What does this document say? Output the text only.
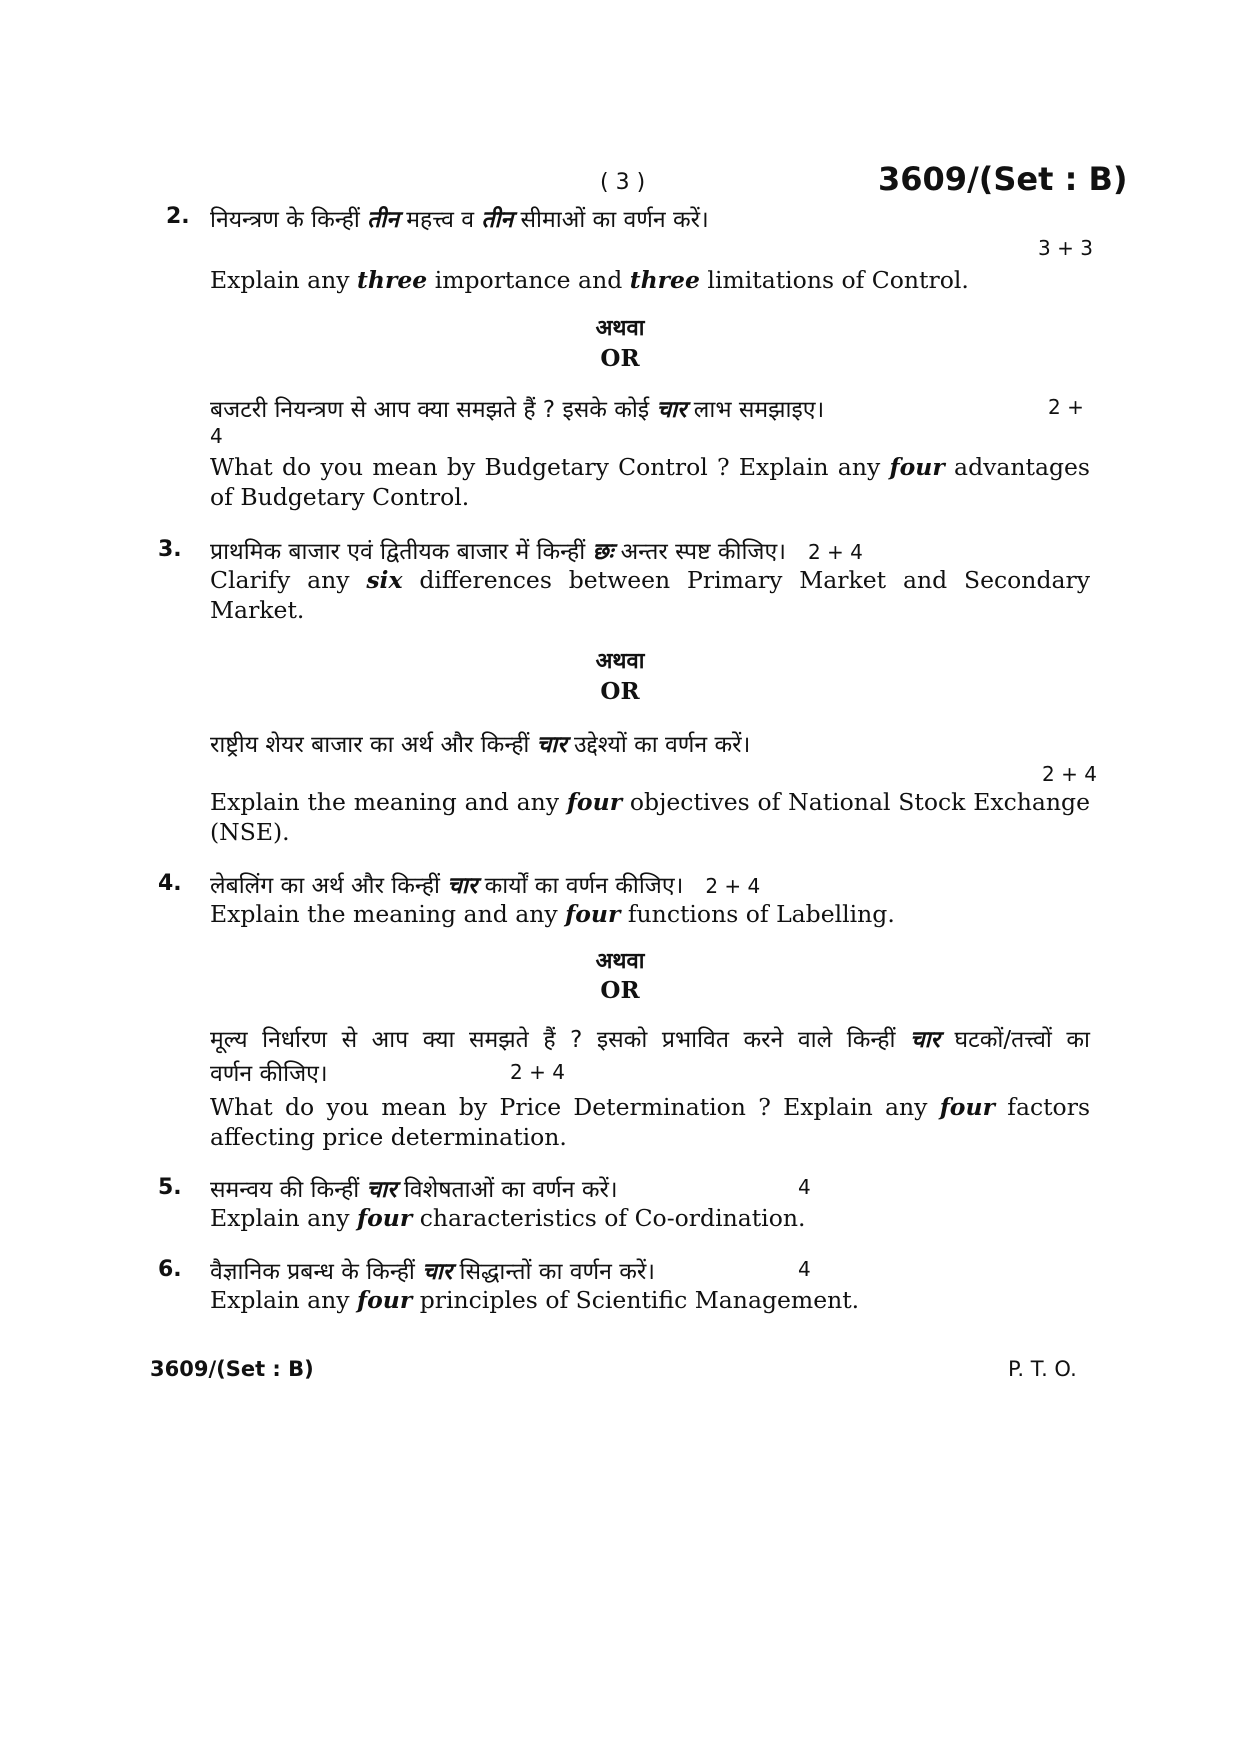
( 3 )	3609/(Set : B)
2. नियन्त्रण के किन्हीं तीन महत्त्व व तीन सीमाओं का वर्णन करें।
3 + 3
Explain any three importance and three limitations of Control.
अथवा
OR
बजटरी नियन्त्रण से आप क्या समझते हैं ? इसके कोई चार लाभ समझाइए।	2 +
4
What do you mean by Budgetary Control ? Explain any four advantages of Budgetary Control.
3. प्राथमिक बाजार एवं द्वितीयक बाजार में किन्हीं छः अन्तर स्पष्ट कीजिए। 2 + 4
Clarify any six differences between Primary Market and Secondary Market.
अथवा
OR
राष्ट्रीय शेयर बाजार का अर्थ और किन्हीं चार उद्देश्यों का वर्णन करें।
2 + 4
Explain the meaning and any four objectives of National Stock Exchange (NSE).
4. लेबलिंग का अर्थ और किन्हीं चार कार्यों का वर्णन कीजिए। 2 + 4
Explain the meaning and any four functions of Labelling.
अथवा
OR
मूल्य निर्धारण से आप क्या समझते हैं ? इसको प्रभावित करने वाले किन्हीं चार घटकों/तत्त्वों का
वर्णन कीजिए।	2 + 4
What do you mean by Price Determination ? Explain any four factors affecting price determination.
5. समन्वय की किन्हीं चार विशेषताओं का वर्णन करें।	4
Explain any four characteristics of Co-ordination.
6. वैज्ञानिक प्रबन्ध के किन्हीं चार सिद्धान्तों का वर्णन करें।	4
Explain any four principles of Scientific Management.
3609/(Set : B)	P. T. O.
